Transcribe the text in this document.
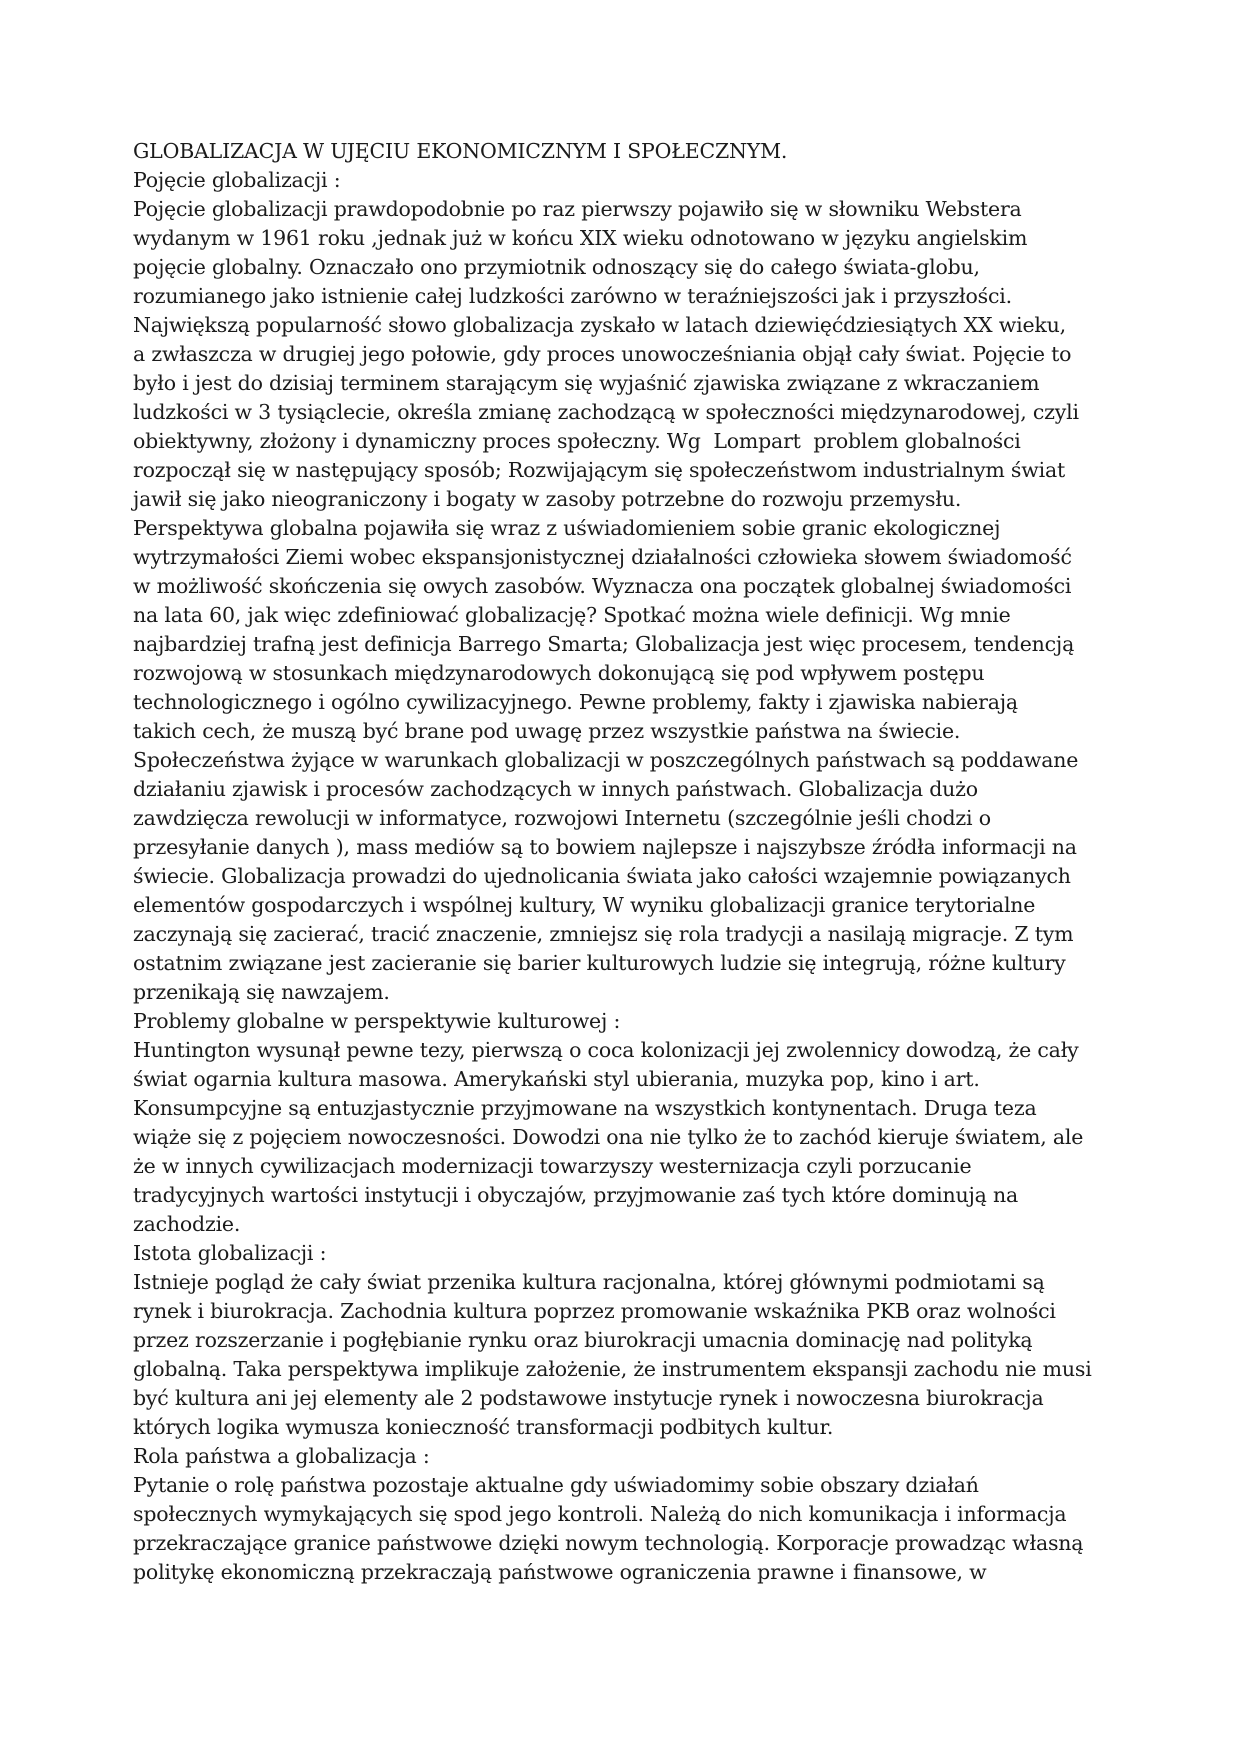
GLOBALIZACJA W UJĘCIU EKONOMICZNYM I SPOŁECZNYM.
Pojęcie globalizacji :
Pojęcie globalizacji prawdopodobnie po raz pierwszy pojawiło się w słowniku Webstera
wydanym w 1961 roku ,jednak już w końcu XIX wieku odnotowano w języku angielskim
pojęcie globalny. Oznaczało ono przymiotnik odnoszący się do całego świata-globu,
rozumianego jako istnienie całej ludzkości zarówno w teraźniejszości jak i przyszłości.
Największą popularność słowo globalizacja zyskało w latach dziewięćdziesiątych XX wieku,
a zwłaszcza w drugiej jego połowie, gdy proces unowocześniania objął cały świat. Pojęcie to
było i jest do dzisiaj terminem starającym się wyjaśnić zjawiska związane z wkraczaniem
ludzkości w 3 tysiąclecie, określa zmianę zachodzącą w społeczności międzynarodowej, czyli
obiektywny, złożony i dynamiczny proces społeczny. Wg  Lompart  problem globalności
rozpoczął się w następujący sposób; Rozwijającym się społeczeństwom industrialnym świat
jawił się jako nieograniczony i bogaty w zasoby potrzebne do rozwoju przemysłu.
Perspektywa globalna pojawiła się wraz z uświadomieniem sobie granic ekologicznej
wytrzymałości Ziemi wobec ekspansjonistycznej działalności człowieka słowem świadomość
w możliwość skończenia się owych zasobów. Wyznacza ona początek globalnej świadomości
na lata 60, jak więc zdefiniować globalizację? Spotkać można wiele definicji. Wg mnie
najbardziej trafną jest definicja Barrego Smarta; Globalizacja jest więc procesem, tendencją
rozwojową w stosunkach międzynarodowych dokonującą się pod wpływem postępu
technologicznego i ogólno cywilizacyjnego. Pewne problemy, fakty i zjawiska nabierają
takich cech, że muszą być brane pod uwagę przez wszystkie państwa na świecie.
Społeczeństwa żyjące w warunkach globalizacji w poszczególnych państwach są poddawane
działaniu zjawisk i procesów zachodzących w innych państwach. Globalizacja dużo
zawdzięcza rewolucji w informatyce, rozwojowi Internetu (szczególnie jeśli chodzi o
przesyłanie danych ), mass mediów są to bowiem najlepsze i najszybsze źródła informacji na
świecie. Globalizacja prowadzi do ujednolicania świata jako całości wzajemnie powiązanych
elementów gospodarczych i wspólnej kultury, W wyniku globalizacji granice terytorialne
zaczynają się zacierać, tracić znaczenie, zmniejsz się rola tradycji a nasilają migracje. Z tym
ostatnim związane jest zacieranie się barier kulturowych ludzie się integrują, różne kultury
przenikają się nawzajem.
Problemy globalne w perspektywie kulturowej :
Huntington wysunął pewne tezy, pierwszą o coca kolonizacji jej zwolennicy dowodzą, że cały
świat ogarnia kultura masowa. Amerykański styl ubierania, muzyka pop, kino i art.
Konsumpcyjne są entuzjastycznie przyjmowane na wszystkich kontynentach. Druga teza
wiąże się z pojęciem nowoczesności. Dowodzi ona nie tylko że to zachód kieruje światem, ale
że w innych cywilizacjach modernizacji towarzyszy westernizacja czyli porzucanie
tradycyjnych wartości instytucji i obyczajów, przyjmowanie zaś tych które dominują na
zachodzie.
Istota globalizacji :
Istnieje pogląd że cały świat przenika kultura racjonalna, której głównymi podmiotami są
rynek i biurokracja. Zachodnia kultura poprzez promowanie wskaźnika PKB oraz wolności
przez rozszerzanie i pogłębianie rynku oraz biurokracji umacnia dominację nad polityką
globalną. Taka perspektywa implikuje założenie, że instrumentem ekspansji zachodu nie musi
być kultura ani jej elementy ale 2 podstawowe instytucje rynek i nowoczesna biurokracja
których logika wymusza konieczność transformacji podbitych kultur.
Rola państwa a globalizacja :
Pytanie o rolę państwa pozostaje aktualne gdy uświadomimy sobie obszary działań
społecznych wymykających się spod jego kontroli. Należą do nich komunikacja i informacja
przekraczające granice państwowe dzięki nowym technologią. Korporacje prowadząc własną
politykę ekonomiczną przekraczają państwowe ograniczenia prawne i finansowe, w
